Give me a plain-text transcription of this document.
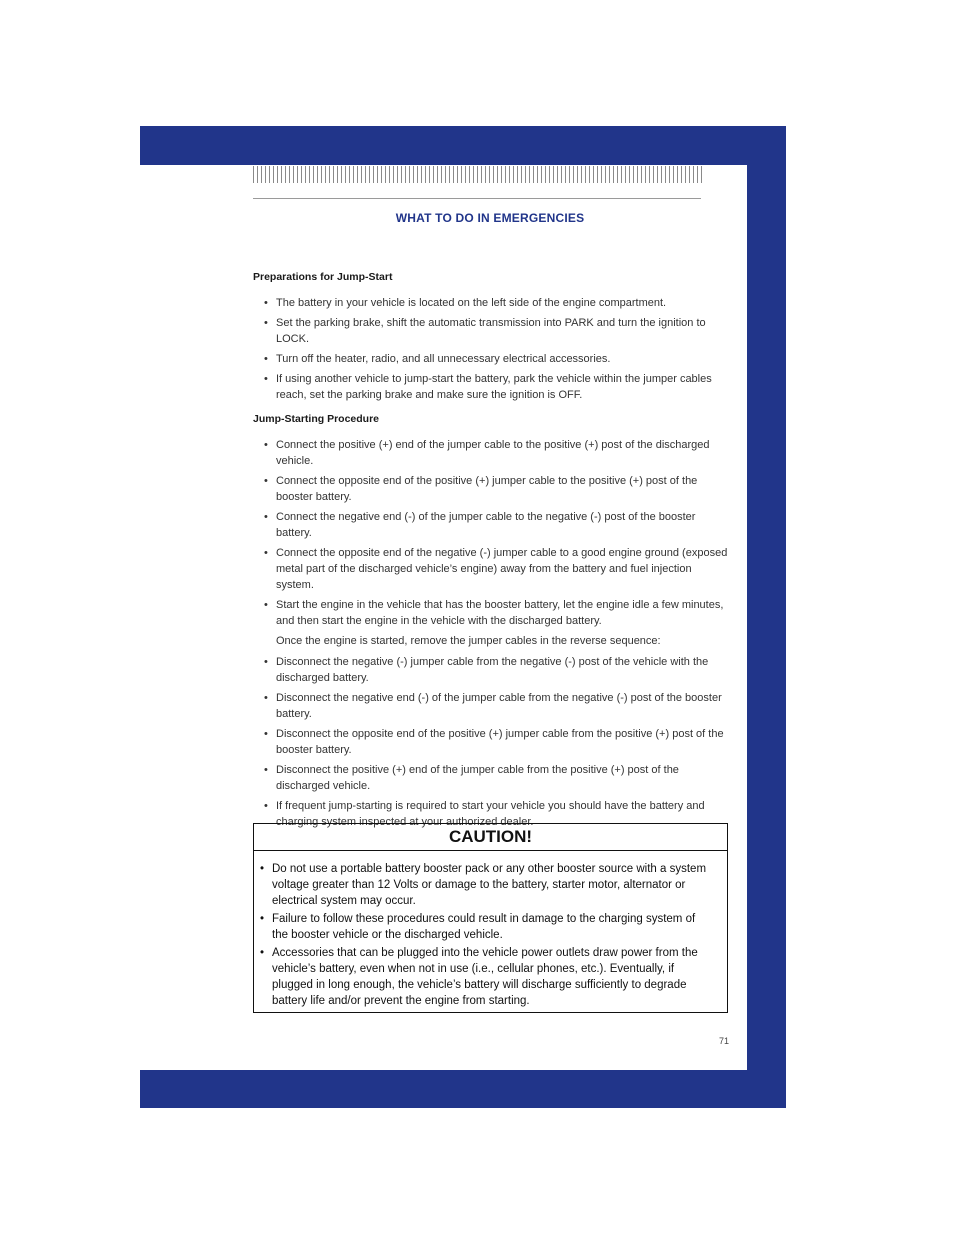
WHAT TO DO IN EMERGENCIES
Preparations for Jump-Start
• The battery in your vehicle is located on the left side of the engine compartment.
• Set the parking brake, shift the automatic transmission into PARK and turn the ignition to LOCK.
• Turn off the heater, radio, and all unnecessary electrical accessories.
• If using another vehicle to jump-start the battery, park the vehicle within the jumper cables reach, set the parking brake and make sure the ignition is OFF.
Jump-Starting Procedure
• Connect the positive (+) end of the jumper cable to the positive (+) post of the discharged vehicle.
• Connect the opposite end of the positive (+) jumper cable to the positive (+) post of the booster battery.
• Connect the negative end (-) of the jumper cable to the negative (-) post of the booster battery.
• Connect the opposite end of the negative (-) jumper cable to a good engine ground (exposed metal part of the discharged vehicle’s engine) away from the battery and fuel injection system.
• Start the engine in the vehicle that has the booster battery, let the engine idle a few minutes, and then start the engine in the vehicle with the discharged battery.
Once the engine is started, remove the jumper cables in the reverse sequence:
• Disconnect the negative (-) jumper cable from the negative (-) post of the vehicle with the discharged battery.
• Disconnect the negative end (-) of the jumper cable from the negative (-) post of the booster battery.
• Disconnect the opposite end of the positive (+) jumper cable from the positive (+) post of the booster battery.
• Disconnect the positive (+) end of the jumper cable from the positive (+) post of the discharged vehicle.
• If frequent jump-starting is required to start your vehicle you should have the battery and charging system inspected at your authorized dealer.
CAUTION!
• Do not use a portable battery booster pack or any other booster source with a system voltage greater than 12 Volts or damage to the battery, starter motor, alternator or electrical system may occur.
• Failure to follow these procedures could result in damage to the charging system of the booster vehicle or the discharged vehicle.
• Accessories that can be plugged into the vehicle power outlets draw power from the vehicle’s battery, even when not in use (i.e., cellular phones, etc.). Eventually, if plugged in long enough, the vehicle’s battery will discharge sufficiently to degrade battery life and/or prevent the engine from starting.
71
